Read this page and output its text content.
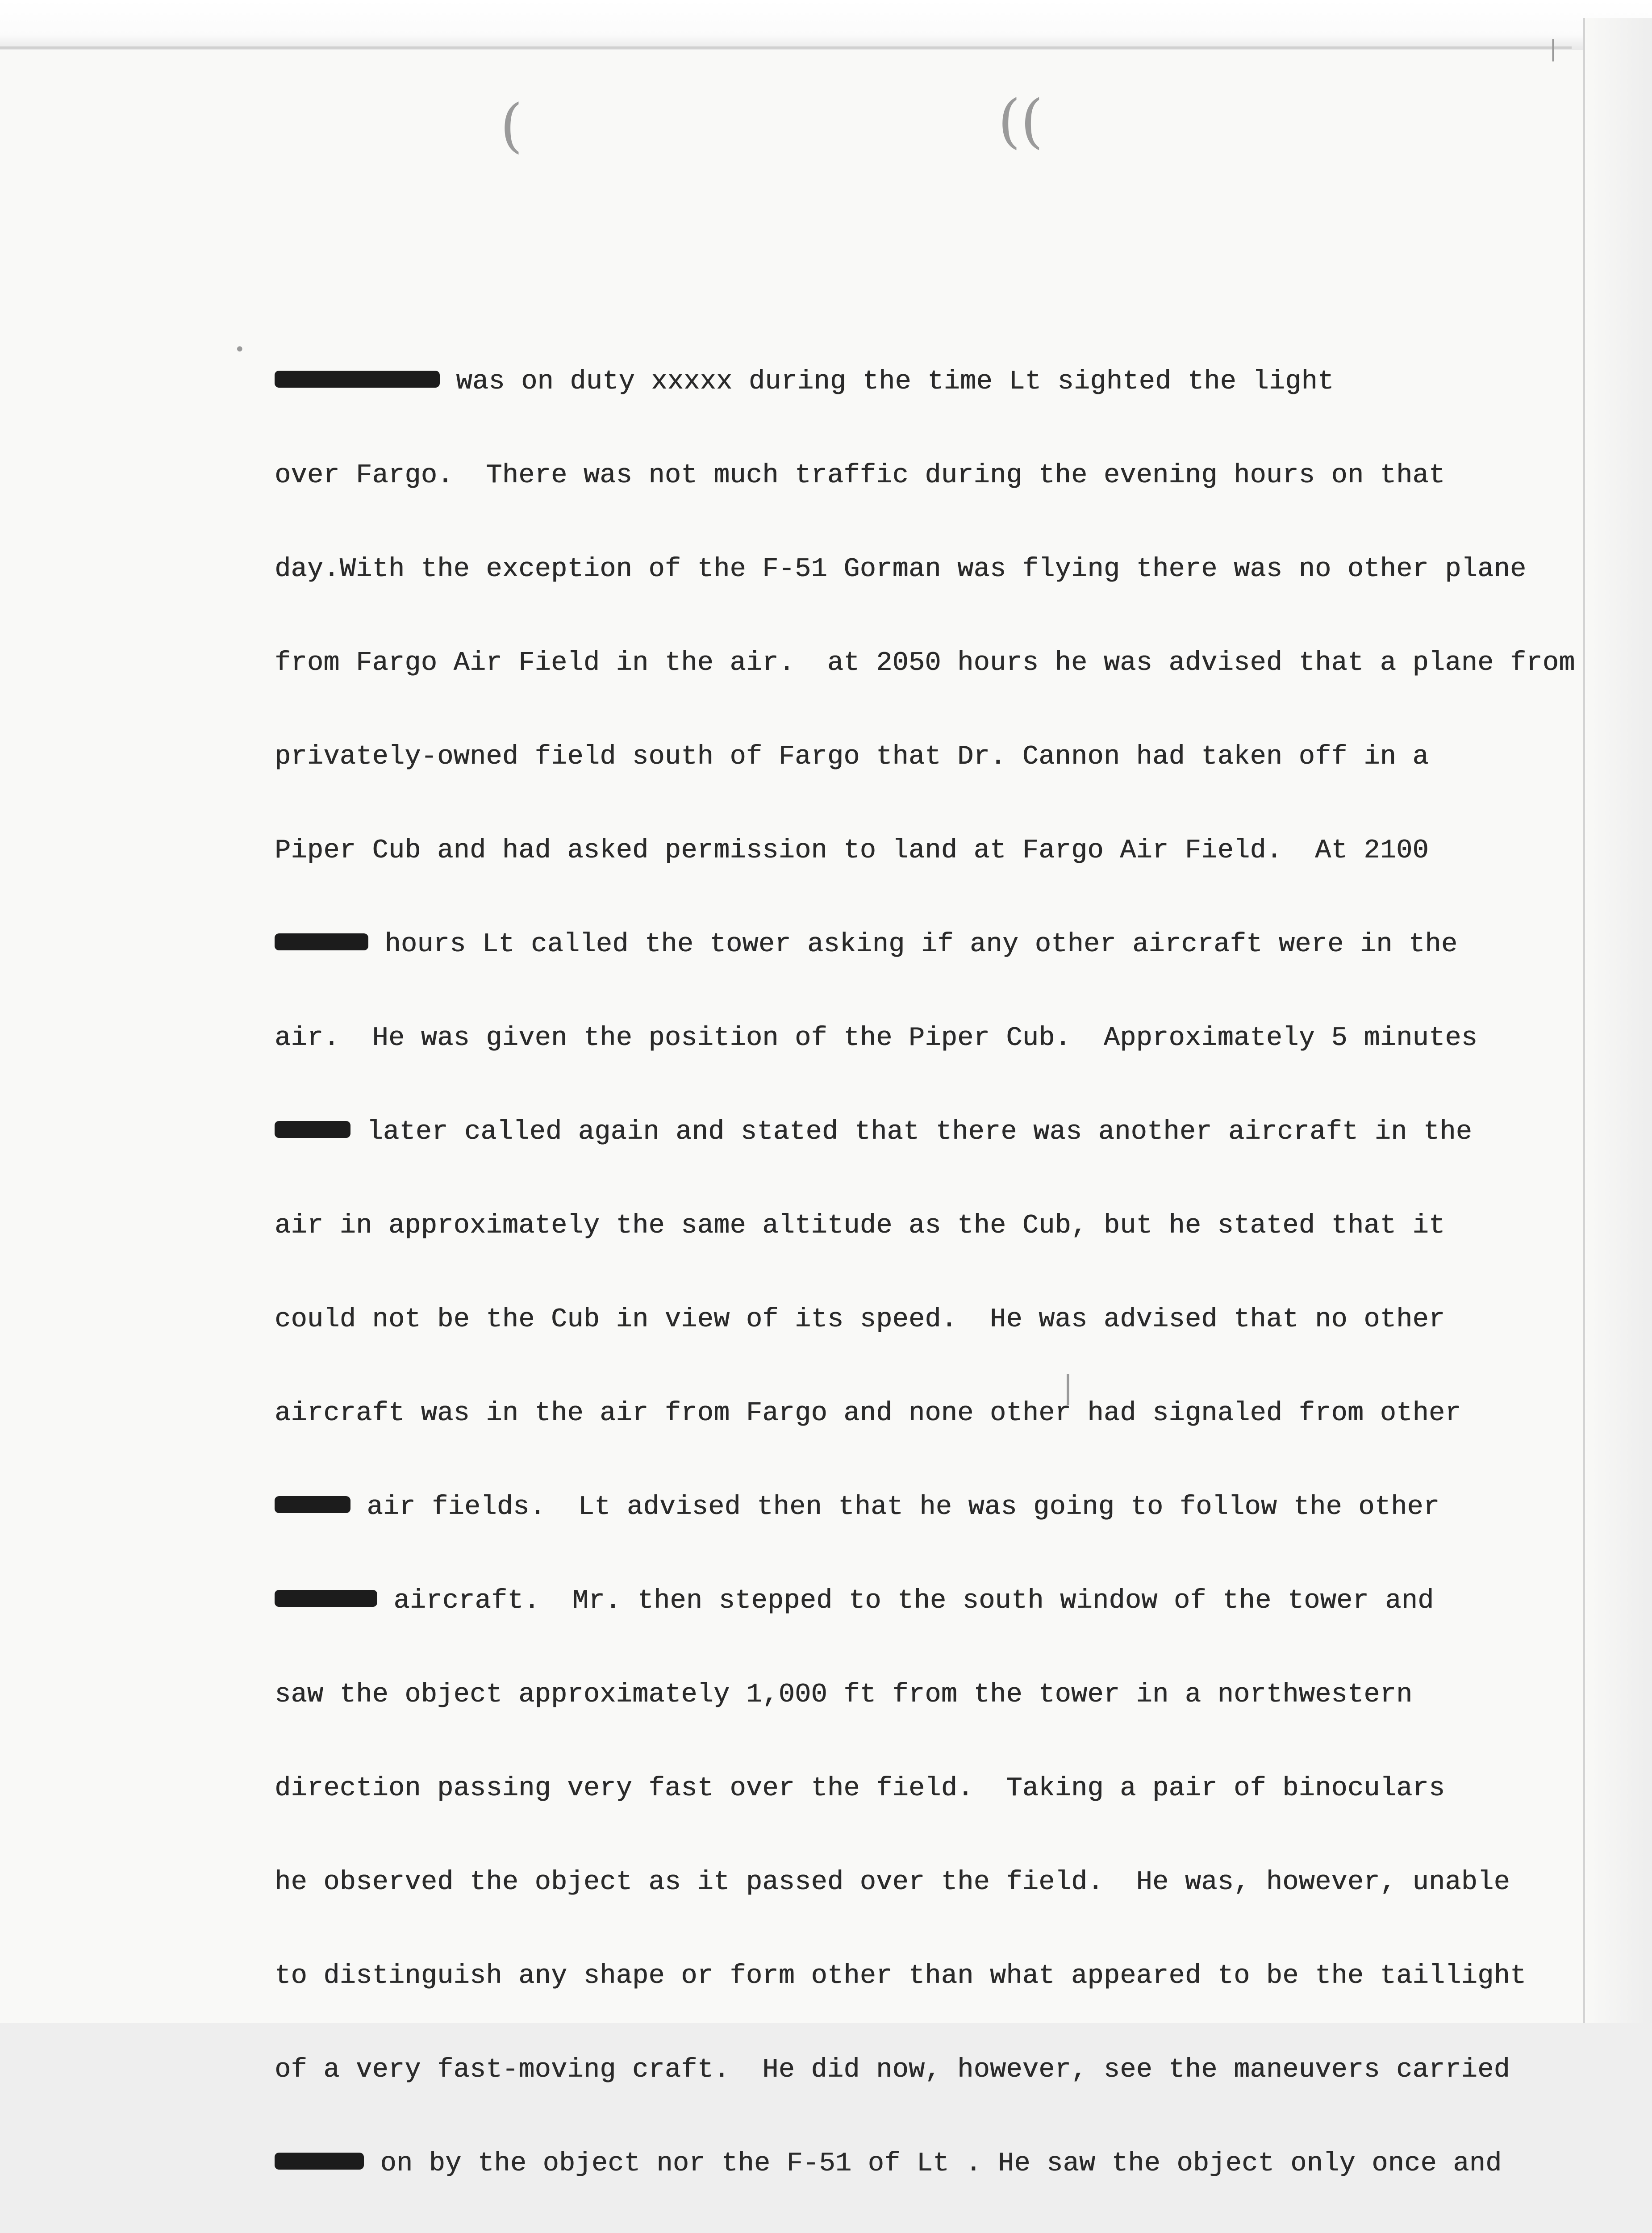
(	((
•
|
|

was on duty xxxxx during the time Lt sighted the light

over Fargo.  There was not much traffic during the evening hours on that

day.With the exception of the F-51 Gorman was flying there was no other plane

from Fargo Air Field in the air.  at 2050 hours he was advised that a plane from

privately-owned field south of Fargo that Dr. Cannon had taken off in a

Piper Cub and had asked permission to land at Fargo Air Field.  At 2100

hours Lt called the tower asking if any other aircraft were in the

air.  He was given the position of the Piper Cub.  Approximately 5 minutes

later called again and stated that there was another aircraft in the

air in approximately the same altitude as the Cub, but he stated that it

could not be the Cub in view of its speed.  He was advised that no other

aircraft was in the air from Fargo and none other had signaled from other

air fields.  Lt advised then that he was going to follow the other

aircraft.  Mr. then stepped to the south window of the tower and

saw the object approximately 1,000 ft from the tower in a northwestern

direction passing very fast over the field.  Taking a pair of binoculars

he observed the object as it passed over the field.  He was, however, unable

to distinguish any shape or form other than what appeared to be the taillight

of a very fast-moving craft.  He did now, however, see the maneuvers carried

on by the object nor the F-51 of Lt . He saw the object only once and
